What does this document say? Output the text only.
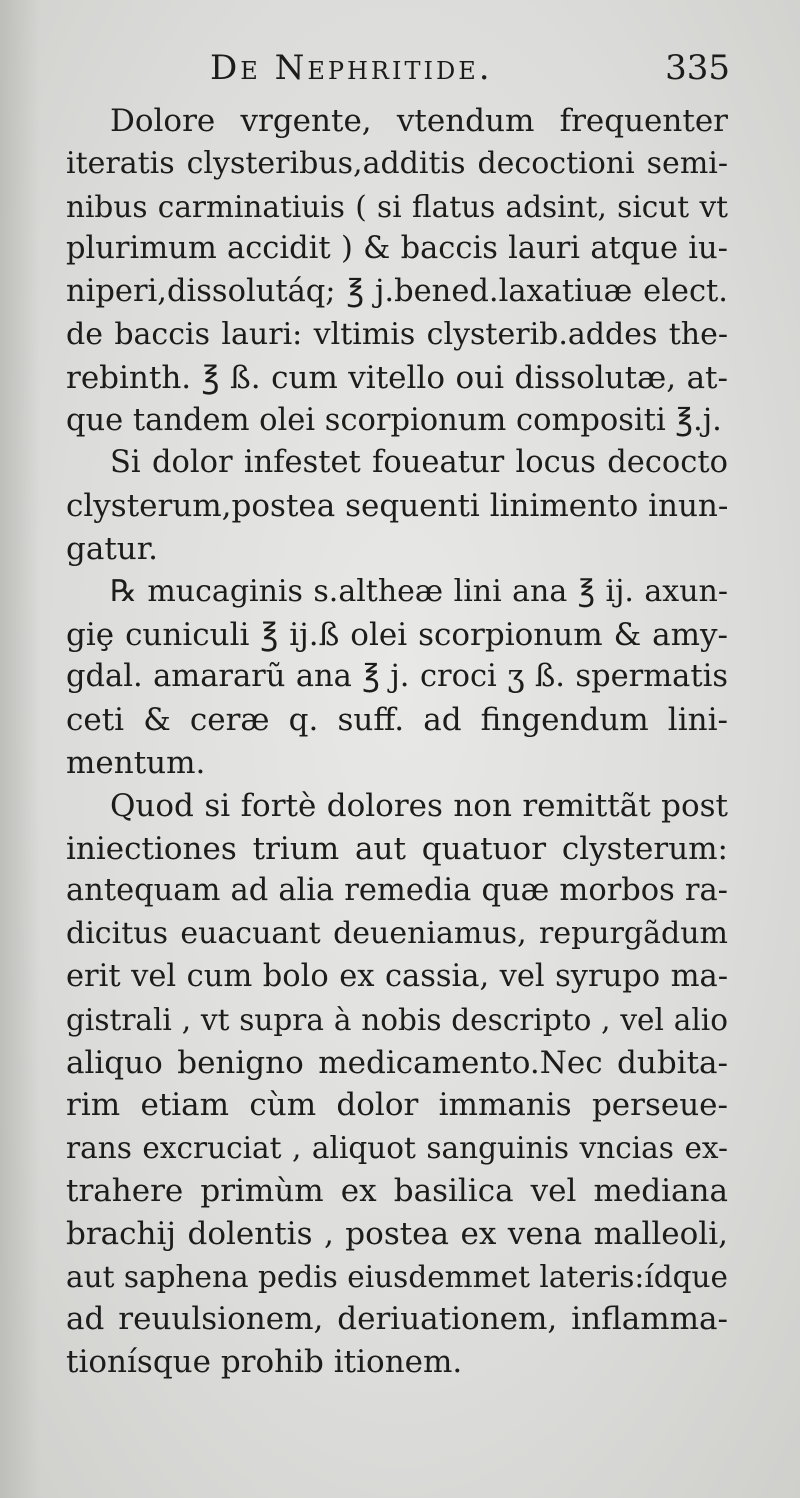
De Nephritide.	335
Dolore vrgente, vtendum frequenter
iteratis clysteribus,additis decoctioni semi-
nibus carminatiuis ( si flatus adsint, sicut vt
plurimum accidit ) & baccis lauri atque iu-
niperi,dissolutáq; ℥ j.bened.laxatiuæ elect.
de baccis lauri: vltimis clysterib.addes the-
rebinth. ℥ ß. cum vitello oui dissolutæ, at-
que tandem olei scorpionum compositi ℥.j.
Si dolor infestet foueatur locus decocto
clysterum,postea sequenti linimento inun-
gatur.
℞ mucaginis s.altheæ lini ana ℥ ij. axun-
giȩ cuniculi ℥ ij.ß olei scorpionum & amy-
gdal. amararũ ana ℥ j. croci ʒ ß. spermatis
ceti & ceræ q. suff. ad fingendum lini-
mentum.
Quod si fortè dolores non remittãt post
iniectiones trium aut quatuor clysterum:
antequam ad alia remedia quæ morbos ra-
dicitus euacuant deueniamus, repurgãdum
erit vel cum bolo ex cassia, vel syrupo ma-
gistrali , vt supra à nobis descripto , vel alio
aliquo benigno medicamento.Nec dubita-
rim etiam cùm dolor immanis perseue-
rans excruciat , aliquot sanguinis vncias ex-
trahere primùm ex basilica vel mediana
brachij dolentis , postea ex vena malleoli,
aut saphena pedis eiusdemmet lateris:ídque
ad reuulsionem, deriuationem, inflamma-
tionísque prohib itionem.
